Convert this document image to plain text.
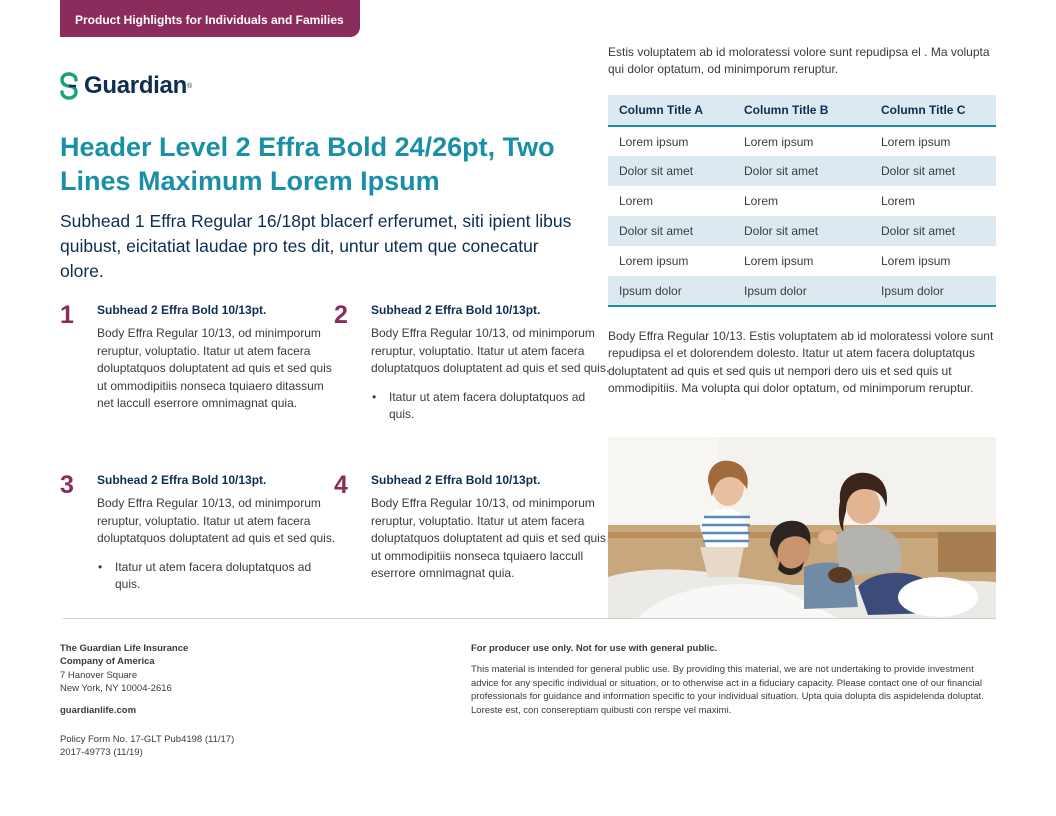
Product Highlights for Individuals and Families
Guardian ®
Header Level 2 Effra Bold 24/26pt, Two Lines Maximum Lorem Ipsum
Subhead 1 Effra Regular 16/18pt blacerf erferumet, siti ipient libus quibust, eicitatiat laudae pro tes dit, untur utem que conecatur olore.
1 Subhead 2 Effra Bold 10/13pt.
Body Effra Regular 10/13, od minimporum reruptur, voluptatio. Itatur ut atem facera doluptatquos doluptatent ad quis et sed quis ut ommodipitiis nonseca tquiaero ditassum net laccull eserrore omnimagnat quia.
2 Subhead 2 Effra Bold 10/13pt.
Body Effra Regular 10/13, od minimporum reruptur, voluptatio. Itatur ut atem facera doluptatquos doluptatent ad quis et sed quis.
• Itatur ut atem facera doluptatquos ad quis.
3 Subhead 2 Effra Bold 10/13pt.
Body Effra Regular 10/13, od minimporum reruptur, voluptatio. Itatur ut atem facera doluptatquos doluptatent ad quis et sed quis.
• Itatur ut atem facera doluptatquos ad quis.
4 Subhead 2 Effra Bold 10/13pt.
Body Effra Regular 10/13, od minimporum reruptur, voluptatio. Itatur ut atem facera doluptatquos doluptatent ad quis et sed quis ut ommodipitiis nonseca tquiaero laccull eserrore omnimagnat quia.
Estis voluptatem ab id moloratessi volore sunt repudipsa el . Ma volupta qui dolor optatum, od minimporum reruptur.
Column Title A	Column Title B	Column Title C
Lorem ipsum	Lorem ipsum	Lorem ipsum
Dolor sit amet	Dolor sit amet	Dolor sit amet
Lorem	Lorem	Lorem
Dolor sit amet	Dolor sit amet	Dolor sit amet
Lorem ipsum	Lorem ipsum	Lorem ipsum
Ipsum dolor	Ipsum dolor	Ipsum dolor
Body Effra Regular 10/13. Estis voluptatem ab id moloratessi volore sunt repudipsa el et dolorendem dolesto. Itatur ut atem facera doluptatqus doluptatent ad quis et sed quis ut nempori dero uis et sed quis ut ommodipitiis. Ma volupta qui dolor optatum, od minimporum reruptur.
The Guardian Life Insurance
Company of America
7 Hanover Square
New York, NY 10004-2616
guardianlife.com
Policy Form No. 17-GLT Pub4198 (11/17)
2017-49773 (11/19)
For producer use only. Not for use with general public.
This material is intended for general public use. By providing this material, we are not undertaking to provide investment advice for any specific individual or situation, or to otherwise act in a fiduciary capacity. Please contact one of our financial professionals for guidance and information specific to your individual situation. Upta quia dolupta dis aspidelenda doluptat. Loreste est, con consereptiam quibusti con rerspe vel maximi.
